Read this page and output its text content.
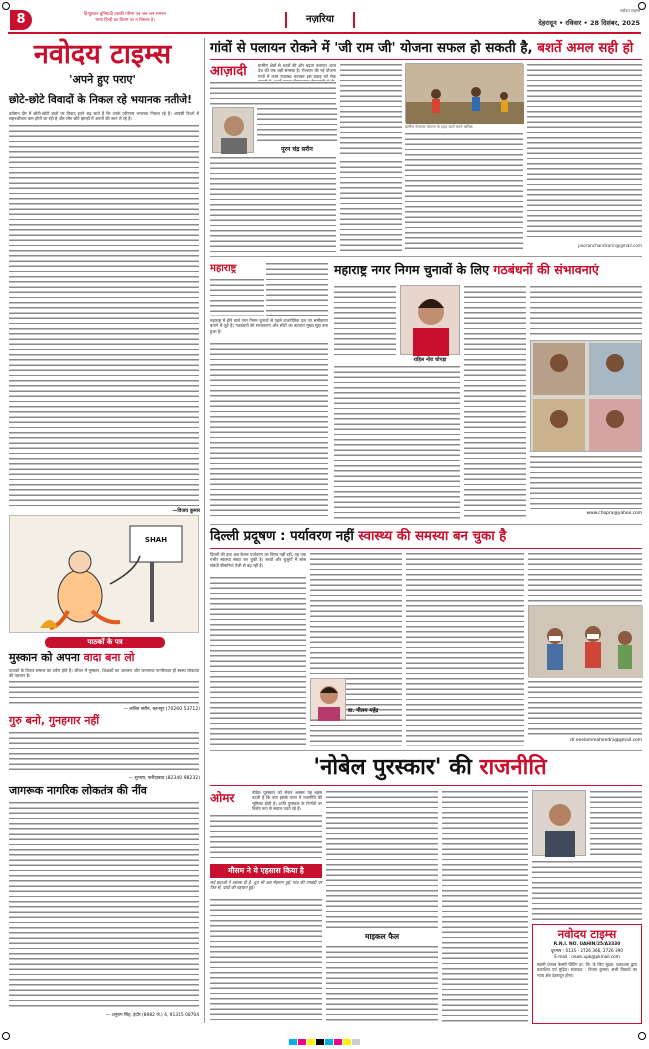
8	हिन्दुस्तान बुनियादी उसकी गरिमा एवं जन-जन सम्मान
भाषा हिन्दी का विराम पर न विस्तार है।	नज़रिया
नवोदय टाइम्स
देहरादून • रविवार • 28 दिसंबर, 2025
नवोदय टाइम्स
'अपने हुए पराए'
छोटे-छोटे विवादों के निकल रहे भयानक नतीजे!
वर्तमान दौर में छोटी-छोटी बातों पर विवाद इतने बढ़ जाते हैं कि उनके परिणाम भयानक निकल रहे हैं। आपसी रिश्तों में सहनशीलता कम होती जा रही है और लोग छोटे झगड़ों में अपनों की जान ले रहे हैं।
—विजय कुमार
SHAH
पाठकों के पत्र
मुस्कान को अपना वादा बना लो
पाठकों के विचार समाज का दर्पण होते हैं। जीवन में मुस्कान, शिक्षकों का आचरण और जागरूक नागरिकता ही स्वस्थ लोकतंत्र की पहचान है।
— ललित सरीन, कानपुर (70260 53712)
गुरु बनो, गुनहगार नहीं
— सुभाष, फरीदाबाद (82340 98232)
जागरूक नागरिक लोकतंत्र की नींव
— अनुराग सिंह, इंदौर (8982 जे.) 4, 91315 08704
गांवों से पलायन रोकने में 'जी राम जी' योजना सफल हो सकती है, बशर्ते अमल सही हो
आज़ादी	ग्रामीण क्षेत्रों से शहरों की ओर बढ़ता पलायन आज देश की एक बड़ी समस्या है। रोजगार की नई योजना गांवों में काम उपलब्ध कराकर इस प्रवाह को रोक
पूरन चंद्र सरीन
ग्रामीण रोजगार योजना के तहत कार्य करते श्रमिक
pooranchandsarin@gmail.com
महाराष्ट्र	महाराष्ट्र नगर निगम चुनावों के लिए गठबंधनों की संभावनाएं
महाराष्ट्र में होने वाले नगर निगम चुनावों से पहले राजनीतिक दल नए समीकरण बनाने में जुटे हैं। गठबंधनों की संभावनाएं और सीटों का बंटवारा मुख्य मुद्दा बना हुआ है।
राहिल नोरा चोपड़ा
www.chopra@yahoo.com
दिल्ली प्रदूषण : पर्यावरण नहीं स्वास्थ्य की समस्या बन चुका है
दिल्ली की हवा अब केवल पर्यावरण का विषय नहीं रही, यह एक गंभीर स्वास्थ्य संकट बन चुकी है। बच्चों और बुजुर्गों में सांस संबंधी बीमारियां तेजी से बढ़ रही हैं।
डा. नीलम महेंद्र
dr.neelammahendra@gmail.com
'नोबेल पुरस्कार' की राजनीति
ओमर	नोबेल पुरस्कार को लेकर अक्सर यह बहस उठती है कि क्या इसके चयन में राजनीति की भूमिका होती है। शांति पुरस्कार के निर्णयों पर विशेष रूप से सवाल उठते रहे हैं।
मौसम ने ये एहसास किया है
सर्द हवाओं ने दस्तक दी है, धूप भी अब मेहमान हुई, गांव की पगडंडी पर फिर से, यादों की पहचान हुई।
माइकल फैल	नवोदय टाइम्स
R.N.I. NO. UAHIN/25/A3330
दूरभाष : 0135 - 2726 366, 2726 390
E-mail : news.upk@pkmail.com
स्वामी पंजाब केसरी प्रिंटिंग प्रा. लि. के लिए मुद्रक, प्रकाशक द्वारा प्रकाशित एवं मुद्रित। संपादक : विजय कुमार। सभी विवादों का न्याय क्षेत्र देहरादून होगा।
